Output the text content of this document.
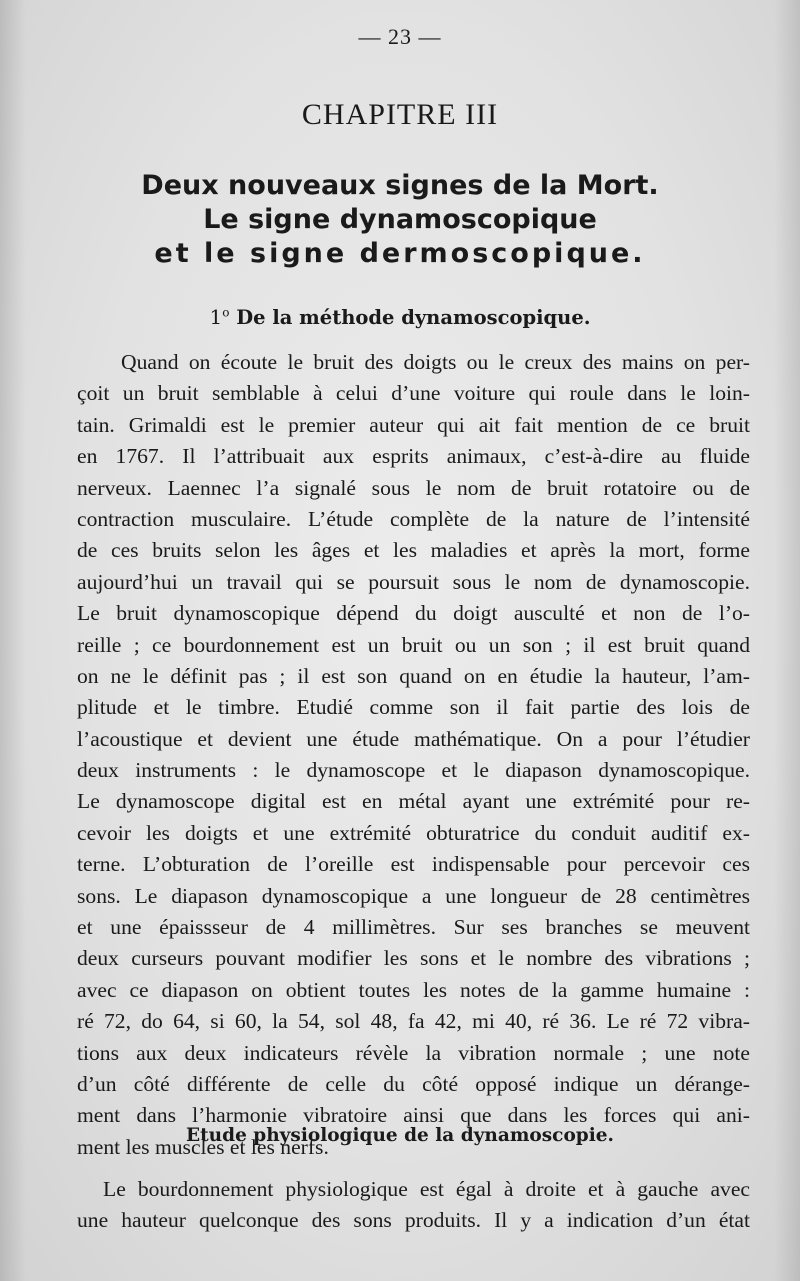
— 23 —
CHAPITRE III
Deux nouveaux signes de la Mort.
Le signe dynamoscopique
et le signe dermoscopique.
1$^o$ De la méthode dynamoscopique.
Quand on écoute le bruit des doigts ou le creux des mains on per-
çoit un bruit semblable à celui d’une voiture qui roule dans le loin-
tain. Grimaldi est le premier auteur qui ait fait mention de ce bruit
en 1767. Il l’attribuait aux esprits animaux, c’est-à-dire au fluide
nerveux. Laennec l’a signalé sous le nom de bruit rotatoire ou de
contraction musculaire. L’étude complète de la nature de l’intensité
de ces bruits selon les âges et les maladies et après la mort, forme
aujourd’hui un travail qui se poursuit sous le nom de dynamoscopie.
Le bruit dynamoscopique dépend du doigt ausculté et non de l’o-
reille ; ce bourdonnement est un bruit ou un son ; il est bruit quand
on ne le définit pas ; il est son quand on en étudie la hauteur, l’am-
plitude et le timbre. Etudié comme son il fait partie des lois de
l’acoustique et devient une étude mathématique. On a pour l’étudier
deux instruments : le dynamoscope et le diapason dynamoscopique.
Le dynamoscope digital est en métal ayant une extrémité pour re-
cevoir les doigts et une extrémité obturatrice du conduit auditif ex-
terne. L’obturation de l’oreille est indispensable pour percevoir ces
sons. Le diapason dynamoscopique a une longueur de 28 centimètres
et une épaissseur de 4 millimètres. Sur ses branches se meuvent
deux curseurs pouvant modifier les sons et le nombre des vibrations ;
avec ce diapason on obtient toutes les notes de la gamme humaine :
ré 72, do 64, si 60, la 54, sol 48, fa 42, mi 40, ré 36. Le ré 72 vibra-
tions aux deux indicateurs révèle la vibration normale ; une note
d’un côté différente de celle du côté opposé indique un dérange-
ment dans l’harmonie vibratoire ainsi que dans les forces qui ani-
ment les muscles et les nerfs.
Etude physiologique de la dynamoscopie.
Le bourdonnement physiologique est égal à droite et à gauche avec
une hauteur quelconque des sons produits. Il y a indication d’un état
